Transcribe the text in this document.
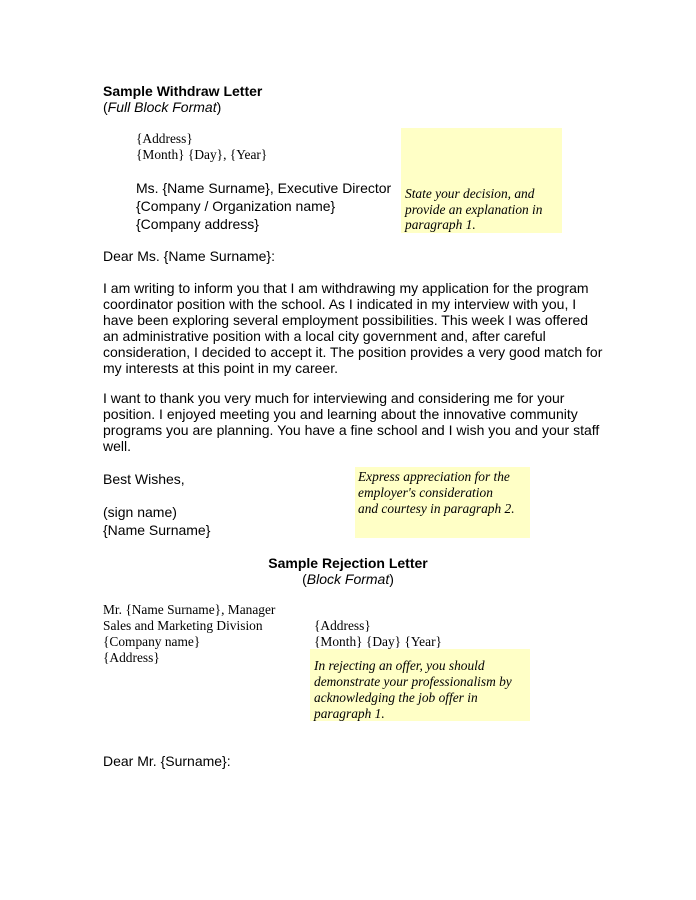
Sample Withdraw Letter
(Full Block Format)
{Address}
{Month} {Day}, {Year}
Ms. {Name Surname}, Executive Director
{Company / Organization name}
{Company address}
State your decision, and
provide an explanation in
paragraph 1.
Dear Ms. {Name Surname}:
I am writing to inform you that I am withdrawing my application for the program
coordinator position with the school. As I indicated in my interview with you, I
have been exploring several employment possibilities. This week I was offered
an administrative position with a local city government and, after careful
consideration, I decided to accept it. The position provides a very good match for
my interests at this point in my career.
I want to thank you very much for interviewing and considering me for your
position. I enjoyed meeting you and learning about the innovative community
programs you are planning. You have a fine school and I wish you and your staff
well.
Best Wishes,	Express appreciation for the
employer's consideration
and courtesy in paragraph 2.
(sign name)
{Name Surname}
Sample Rejection Letter
(Block Format)
Mr. {Name Surname}, Manager
Sales and Marketing Division
{Company name}
{Address}
{Address}
{Month} {Day} {Year}
In rejecting an offer, you should
demonstrate your professionalism by
acknowledging the job offer in
paragraph 1.
Dear Mr. {Surname}:
